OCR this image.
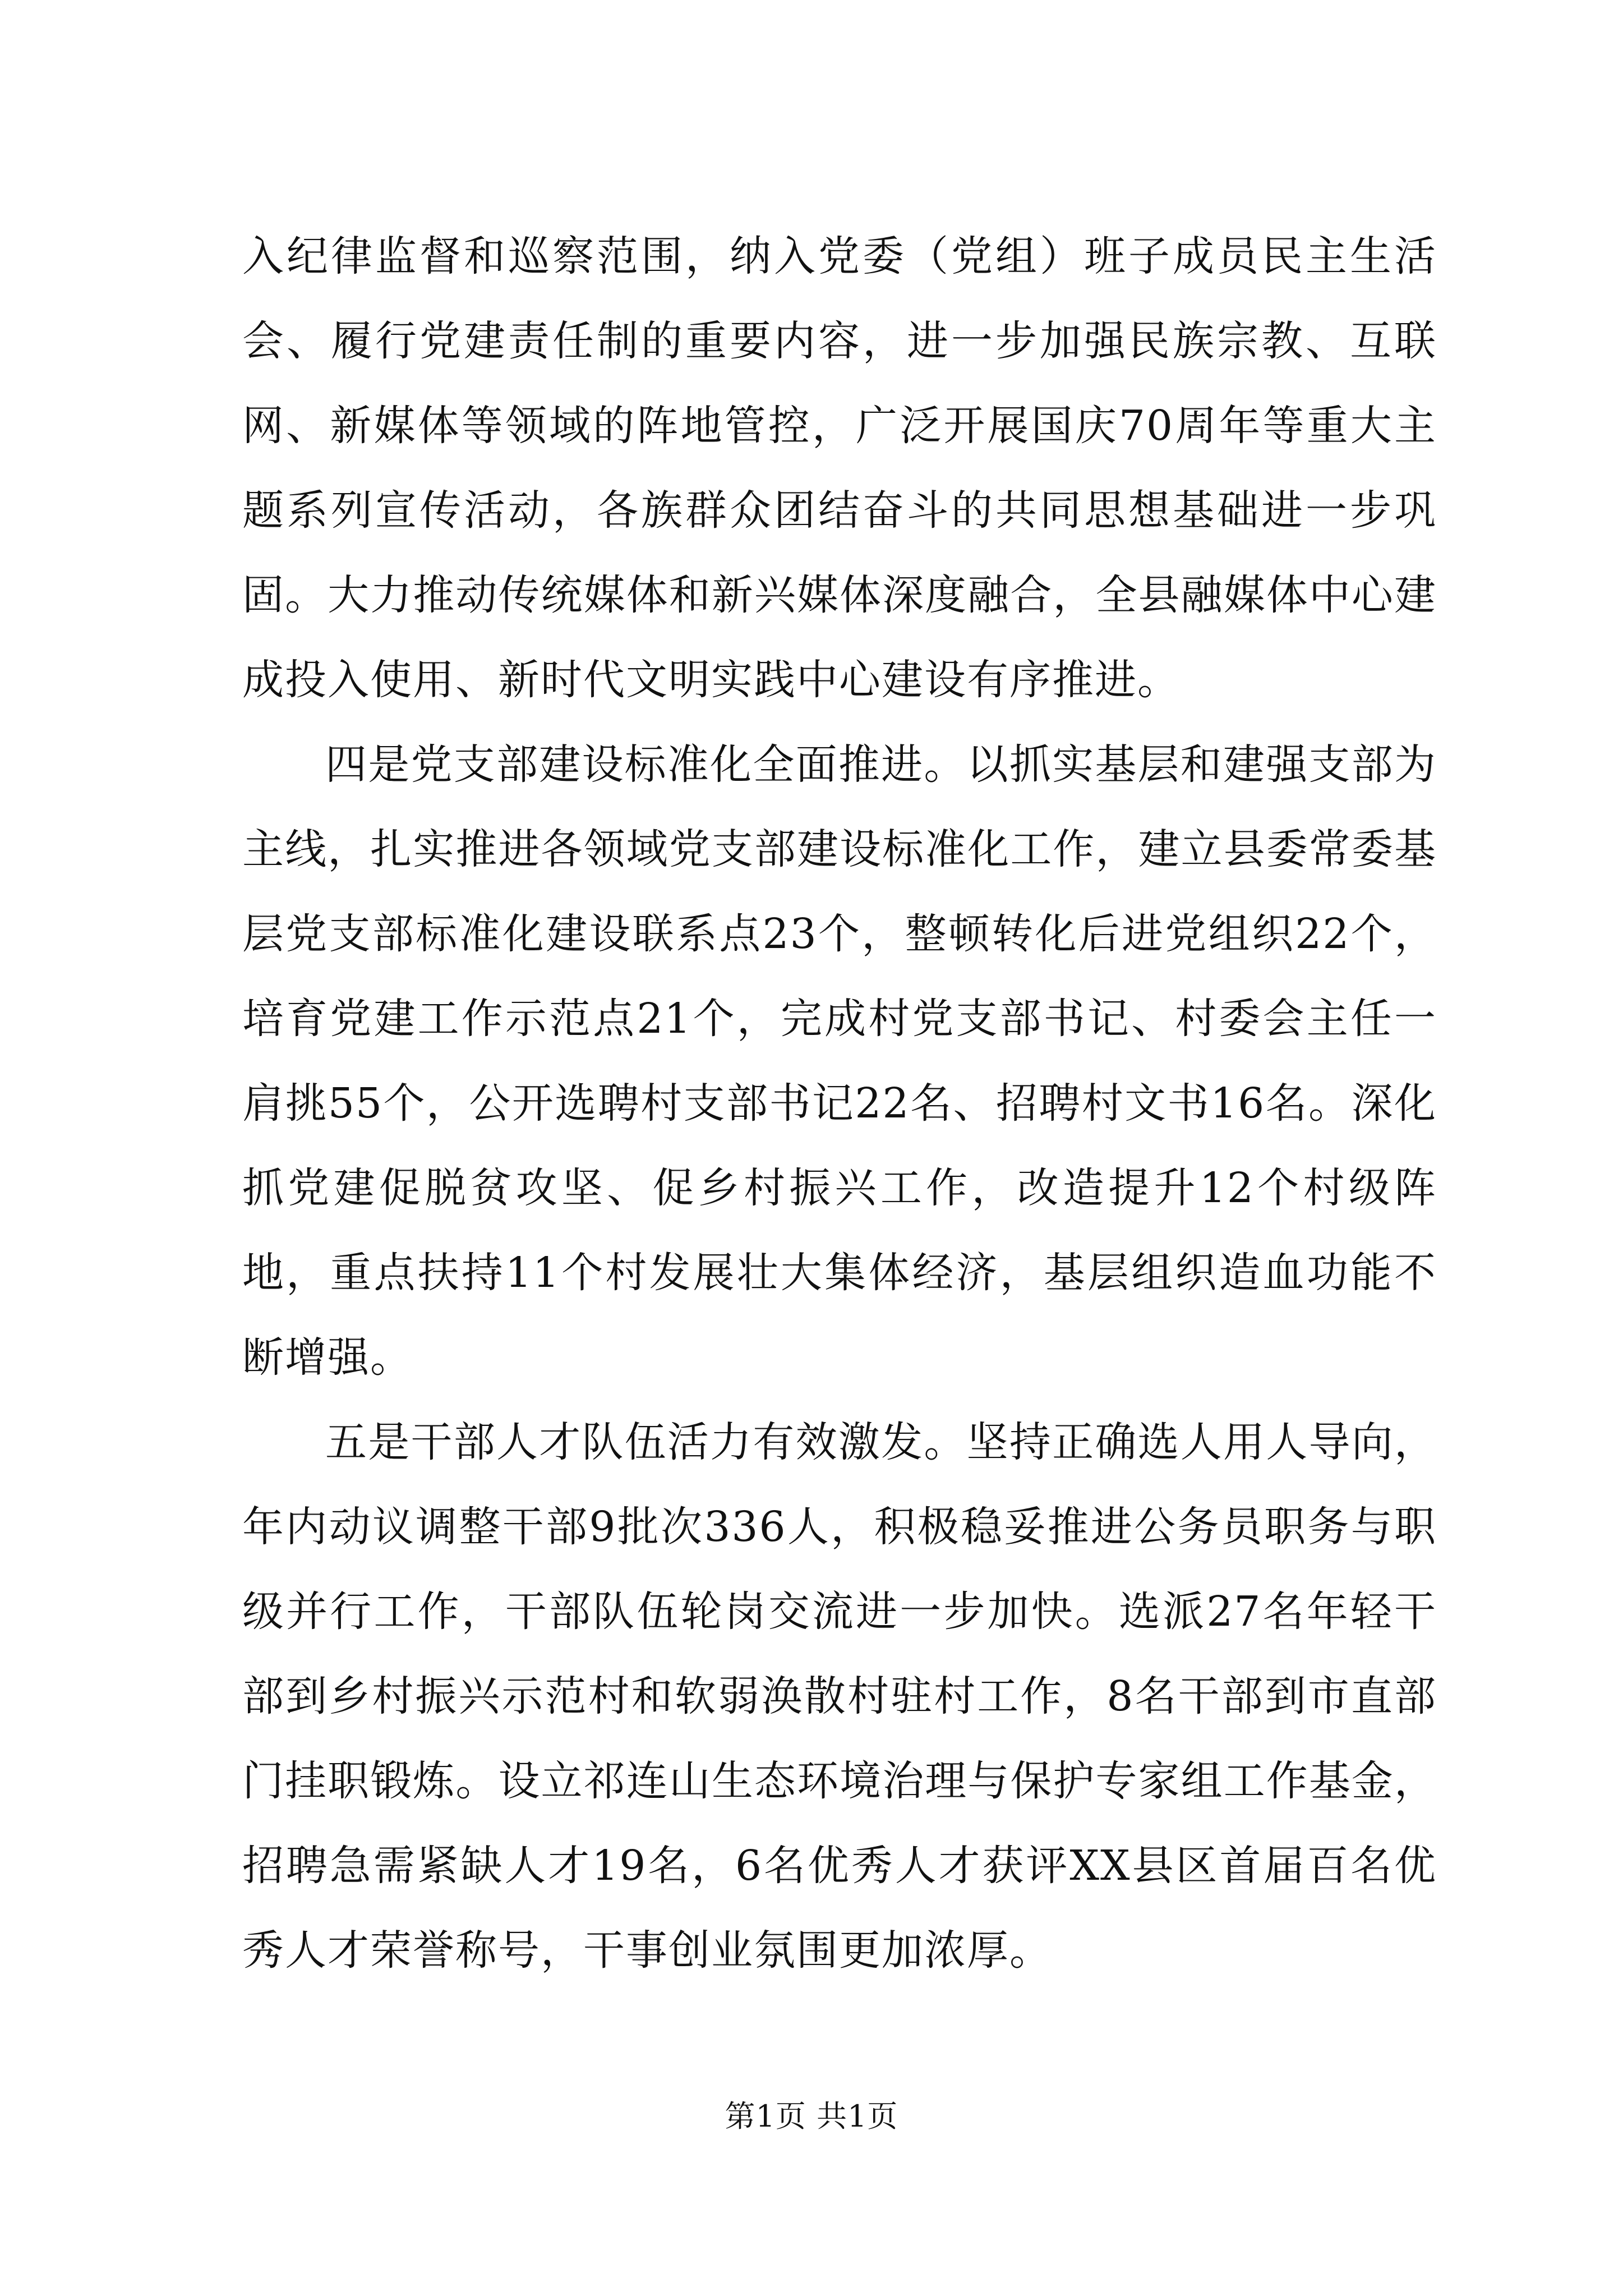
入纪律监督和巡察范围，纳入党委（党组）班子成员民主生活会、履行党建责任制的重要内容，进一步加强民族宗教、互联网、新媒体等领域的阵地管控，广泛开展国庆70周年等重大主题系列宣传活动，各族群众团结奋斗的共同思想基础进一步巩固。大力推动传统媒体和新兴媒体深度融合，全县融媒体中心建成投入使用、新时代文明实践中心建设有序推进。

四是党支部建设标准化全面推进。以抓实基层和建强支部为主线，扎实推进各领域党支部建设标准化工作，建立县委常委基层党支部标准化建设联系点23个，整顿转化后进党组织22个，培育党建工作示范点21个，完成村党支部书记、村委会主任一肩挑55个，公开选聘村支部书记22名、招聘村文书16名。深化抓党建促脱贫攻坚、促乡村振兴工作，改造提升12个村级阵地，重点扶持11个村发展壮大集体经济，基层组织造血功能不断增强。

五是干部人才队伍活力有效激发。坚持正确选人用人导向，年内动议调整干部9批次336人，积极稳妥推进公务员职务与职级并行工作，干部队伍轮岗交流进一步加快。选派27名年轻干部到乡村振兴示范村和软弱涣散村驻村工作，8名干部到市直部门挂职锻炼。设立祁连山生态环境治理与保护专家组工作基金，招聘急需紧缺人才19名，6名优秀人才获评XX县区首届百名优秀人才荣誉称号，干事创业氛围更加浓厚。

第1页 共1页
